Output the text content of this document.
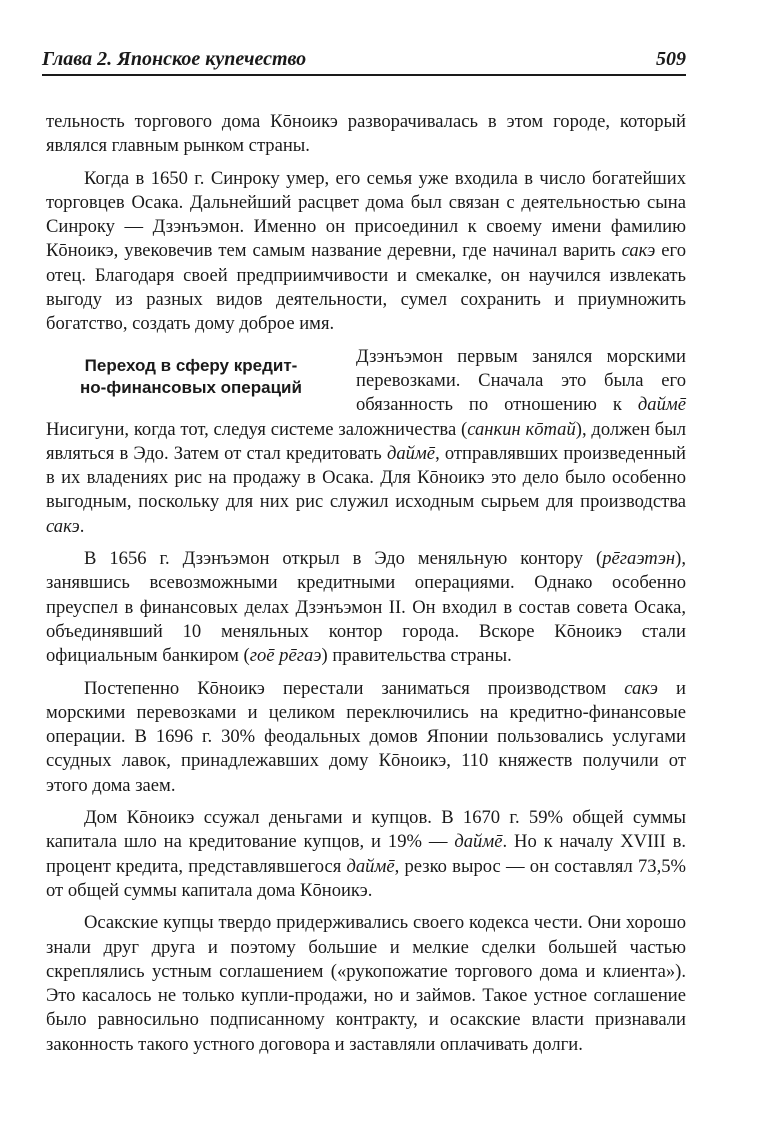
Глава 2. Японское купечество	509

тельность торгового дома Кōноикэ разворачивалась в этом городе, который являлся главным рынком страны.

Когда в 1650 г. Синроку умер, его семья уже входила в число богатейших торговцев Осака. Дальнейший расцвет дома был связан с деятельностью сына Синроку — Дзэнъэмон. Именно он присоединил к своему имени фамилию Кōноикэ, увековечив тем самым название деревни, где начинал варить сакэ его отец. Благодаря своей предприимчивости и смекалке, он научился извлекать выгоду из разных видов деятельности, сумел сохранить и приумножить богатство, создать дому доброе имя.

Переход в сферу кредит-
но-финансовых операций

Дзэнъэмон первым занялся морскими перевозками. Сначала это была его обязанность по отношению к даймē Нисигуни, когда тот, следуя системе заложничества (санкин кōтай), должен был являться в Эдо. Затем от стал кредитовать даймē, отправлявших произведенный в их владениях рис на продажу в Осака. Для Кōноикэ это дело было особенно выгодным, поскольку для них рис служил исходным сырьем для производства сакэ.

В 1656 г. Дзэнъэмон открыл в Эдо меняльную контору (рēгаэтэн), занявшись всевозможными кредитными операциями. Однако особенно преуспел в финансовых делах Дзэнъэмон II. Он входил в состав совета Осака, объединявший 10 меняльных контор города. Вскоре Кōноикэ стали официальным банкиром (гоē рēгаэ) правительства страны.

Постепенно Кōноикэ перестали заниматься производством сакэ и морскими перевозками и целиком переключились на кредитно-финансовые операции. В 1696 г. 30% феодальных домов Японии пользовались услугами ссудных лавок, принадлежавших дому Кōноикэ, 110 княжеств получили от этого дома заем.

Дом Кōноикэ ссужал деньгами и купцов. В 1670 г. 59% общей суммы капитала шло на кредитование купцов, и 19% — даймē. Но к началу XVIII в. процент кредита, представлявшегося даймē, резко вырос — он составлял 73,5% от общей суммы капитала дома Кōноикэ.

Осакские купцы твердо придерживались своего кодекса чести. Они хорошо знали друг друга и поэтому большие и мелкие сделки большей частью скреплялись устным соглашением («рукопожатие торгового дома и клиента»). Это касалось не только купли-продажи, но и займов. Такое устное соглашение было равносильно подписанному контракту, и осакские власти признавали законность такого устного договора и заставляли оплачивать долги.
